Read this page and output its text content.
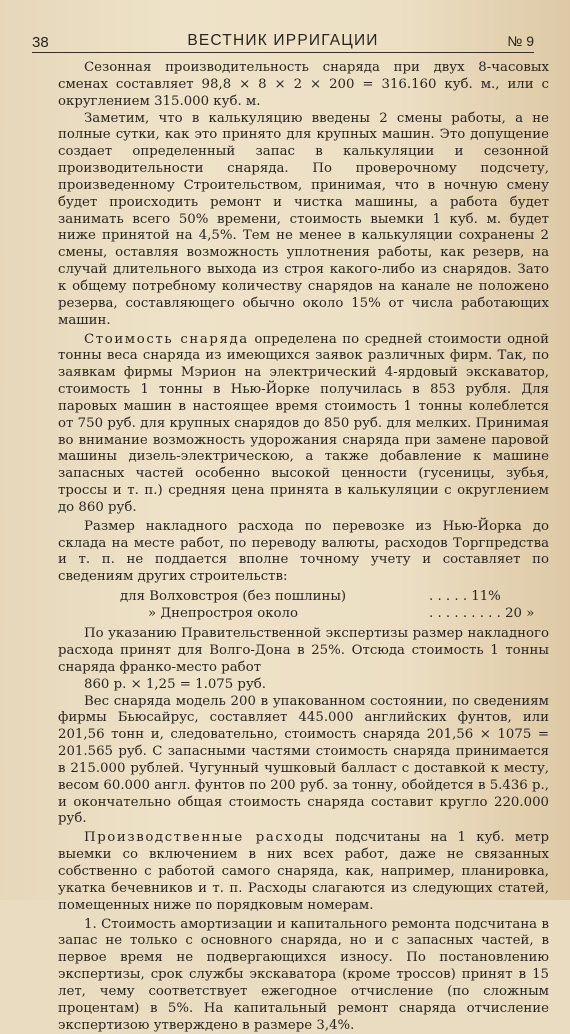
38	ВЕСТНИК ИРРИГАЦИИ	№ 9

Сезонная производительность снаряда при двух 8-часовых сменах составляет 98,8 × 8 × 2 × 200 = 316.160 куб. м., или с округлением 315.000 куб. м.

Заметим, что в калькуляцию введены 2 смены работы, а не полные сутки, как это принято для крупных машин. Это допущение создает определенный запас в калькуляции и сезонной производительности снаряда. По проверочному подсчету, произведенному Строительством, принимая, что в ночную смену будет происходить ремонт и чистка машины, а работа будет занимать всего 50% времени, стоимость выемки 1 куб. м. будет ниже принятой на 4,5%. Тем не менее в калькуляции сохранены 2 смены, оставляя возможность уплотнения работы, как резерв, на случай длительного выхода из строя какого-либо из снарядов. Зато к общему потребному количеству снарядов на канале не положено резерва, составляющего обычно около 15% от числа работающих машин.

Стоимость снаряда определена по средней стоимости одной тонны веса снаряда из имеющихся заявок различных фирм. Так, по заявкам фирмы Мэрион на электрический 4-ярдовый экскаватор, стоимость 1 тонны в Нью-Йорке получилась в 853 рубля. Для паровых машин в настоящее время стоимость 1 тонны колеблется от 750 руб. для крупных снарядов до 850 руб. для мелких. Принимая во внимание возможность удорожания снаряда при замене паровой машины дизель-электрическою, а также добавление к машине запасных частей особенно высокой ценности (гусеницы, зубья, троссы и т. п.) средняя цена принята в калькуляции с округлением до 860 руб.

Размер накладного расхода по перевозке из Нью-Йорка до склада на месте работ, по переводу валюты, расходов Торгпредства и т. п. не поддается вполне точному учету и составляет по сведениям других строительств:

для Волховстроя (без пошлины)	. . . . . 11%
» Днепростроя около	. . . . . . . . . 20 »

По указанию Правительственной экспертизы размер накладного расхода принят для Волго-Дона в 25%. Отсюда стоимость 1 тонны снаряда франко-место работ

860 р. × 1,25 = 1.075 руб.

Вес снаряда модель 200 в упакованном состоянии, по сведениям фирмы Бьюсайрус, составляет 445.000 английских фунтов, или 201,56 тонн и, следовательно, стоимость снаряда 201,56 × 1075 = 201.565 руб. С запасными частями стоимость снаряда принимается в 215.000 рублей. Чугунный чушковый балласт с доставкой к месту, весом 60.000 англ. фунтов по 200 руб. за тонну, обойдется в 5.436 р., и окончательно общая стоимость снаряда составит кругло 220.000 руб.

Производственные расходы подсчитаны на 1 куб. метр выемки со включением в них всех работ, даже не связанных собственно с работой самого снаряда, как, например, планировка, укатка бечевников и т. п. Расходы слагаются из следующих статей, помещенных ниже по порядковым номерам.

1. Стоимость амортизации и капитального ремонта подсчитана в запас не только с основного снаряда, но и с запасных частей, в первое время не подвергающихся износу. По постановлению экспертизы, срок службы экскаватора (кроме троссов) принят в 15 лет, чему соответствует ежегодное отчисление (по сложным процентам) в 5%. На капитальный ремонт снаряда отчисление экспертизою утверждено в размере 3,4%.
